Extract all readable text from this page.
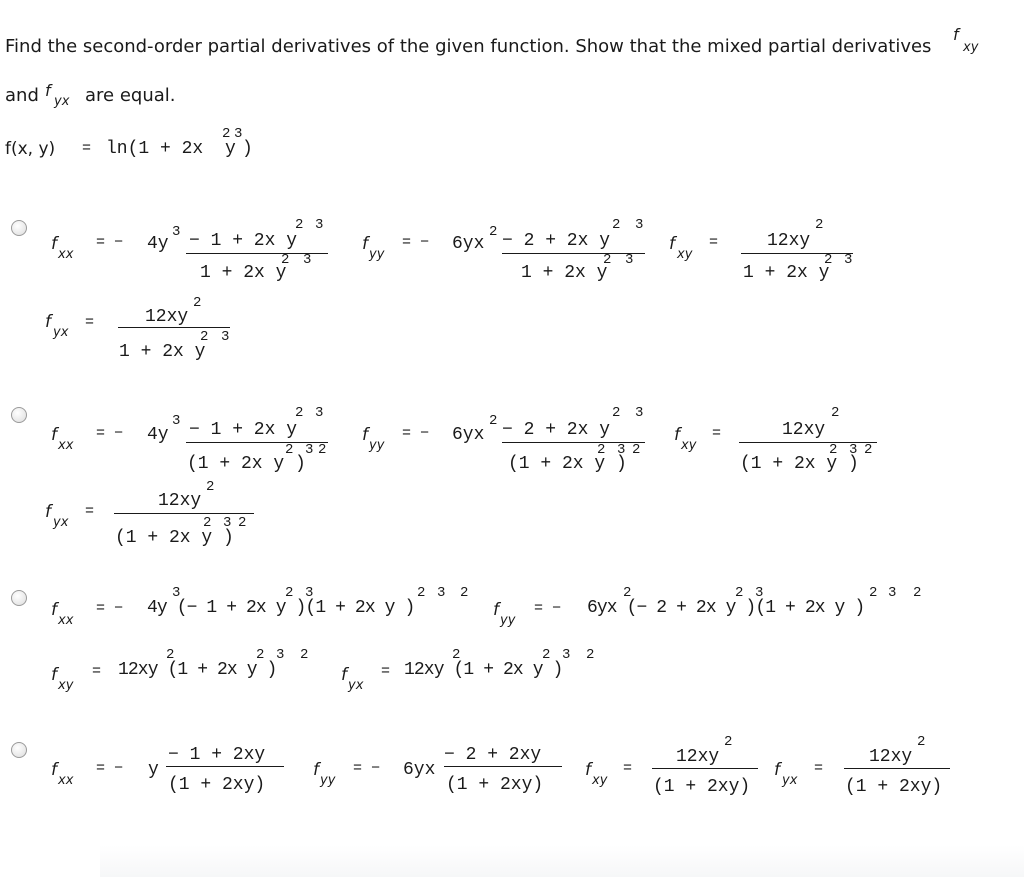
Find the second-order partial derivatives of the given function. Show that the mixed partial derivatives
f
xy
and f
yx are equal.
f(x, y) = ln(1 + 2x
2
y
3
)
f
xx
= − 4y
3 − 1 + 2x y
2 3
1 + 2x y
2 3
f
yy
= − 6yx
2 − 2 + 2x y
2 3
1 + 2x y
2 3
f
xy
=	12xy
2
1 + 2x y
2 3
f
yx
=	12xy
2
1 + 2x y
2 3
f
xx
= − 4y
3 − 1 + 2x y
2 3
(1 + 2x y )
2 3 2
f
yy
= − 6yx
2 − 2 + 2x y
2 3
(1 + 2x y )
2 3 2
f
xy
=	12xy
2
(1 + 2x y )
2 3 2
f
yx
=
12xy
2
(1 + 2x y )
2 3 2
f
xx
= − 4y (− 1 + 2x y )(1 + 2x y )
3	2 3	2 3 2
f
yy
= − 6yx (− 2 + 2x y )(1 + 2x y )
2	2 3	2 3 2
f
xy
= 12xy (1 + 2x y )
2	2 3 2
f
yx
= 12xy (1 + 2x y )
2	2 3 2
f
xx
= − y
− 1 + 2xy
(1 + 2xy)
f
yy
= − 6yx
− 2 + 2xy
(1 + 2xy)
f
xy
=
12xy
2
(1 + 2xy)
f
yx
=
12xy
2
(1 + 2xy)
